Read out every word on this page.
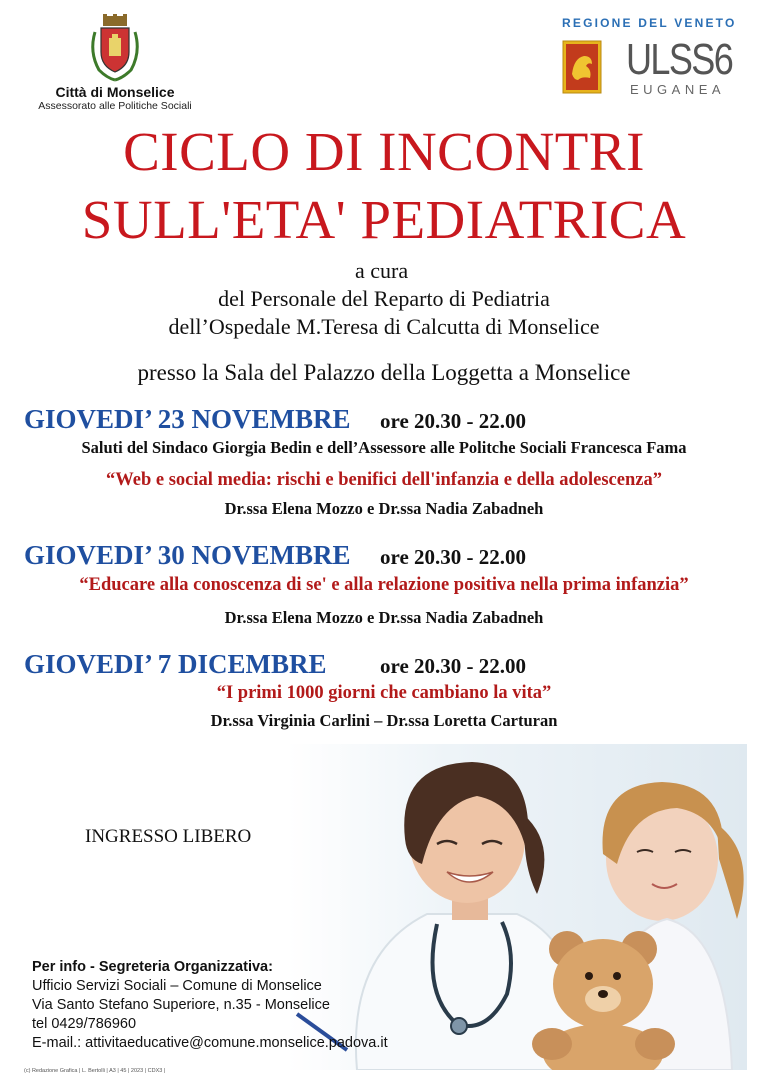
Città di Monselice
Assessorato alle Politiche Sociali
REGIONE DEL VENETO
ULSS6
EUGANEA
CICLO DI INCONTRI
SULL'ETA' PEDIATRICA
a cura
del Personale del Reparto di Pediatria
dell’Ospedale M.Teresa di Calcutta di Monselice
presso la Sala del Palazzo della Loggetta a Monselice
GIOVEDI’ 23 NOVEMBRE ore 20.30 - 22.00
Saluti del Sindaco Giorgia Bedin e dell’Assessore alle Politche Sociali Francesca Fama
“Web e social media: rischi e benifici dell'infanzia e della adolescenza”
Dr.ssa Elena Mozzo e Dr.ssa Nadia Zabadneh
GIOVEDI’ 30 NOVEMBRE ore 20.30 - 22.00
“Educare alla conoscenza di se' e alla relazione positiva nella prima infanzia”
Dr.ssa Elena Mozzo e Dr.ssa Nadia Zabadneh
GIOVEDI’ 7 DICEMBRE	ore 20.30 - 22.00
“I primi 1000 giorni che cambiano la vita”
Dr.ssa Virginia Carlini – Dr.ssa Loretta Carturan
INGRESSO LIBERO
Per info - Segreteria Organizzativa:
Ufficio Servizi Sociali – Comune di Monselice
Via Santo Stefano Superiore, n.35 - Monselice
tel 0429/786960
E-mail.: attivitaeducative@comune.monselice.padova.it
(c) Redazione Grafica | L. Bertolli | A3 | 45 | 2023 | CDX3 |
